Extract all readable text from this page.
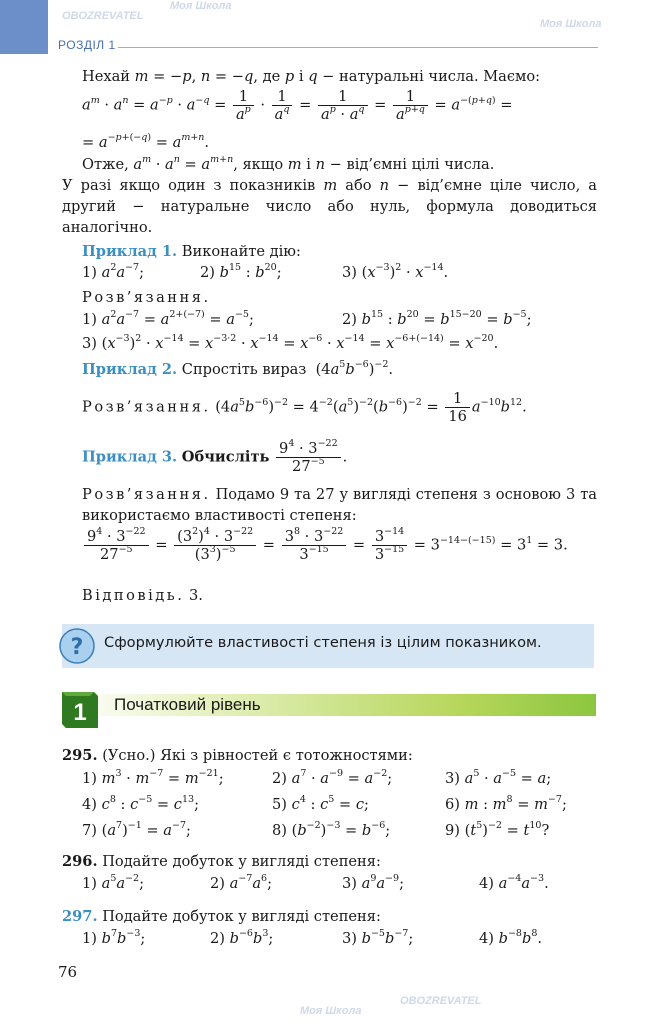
РОЗДІЛ 1

Нехай m = −p, n = −q, де p і q − натуральні числа. Маємо:

$a^m \cdot a^n = a^{-p} \cdot a^{-q} = \frac{1}{a^p} \cdot \frac{1}{a^q} = \frac{1}{a^p \cdot a^q} = \frac{1}{a^{p+q}} = a^{-(p+q)}$ =
= $a^{-p+(-q)} = a^{m+n}$.

Отже, $a^m \cdot a^n = a^{m+n}$, якщо m і n − від’ємні цілі числа.

У разі якщо один з показників m або n − від’ємне ціле число, а другий − натуральне число або нуль, формула доводиться аналогічно.

Приклад 1. Виконайте дію:
1) $a^2a^{-7}$;	2) $b^{15}$ : $b^{20}$;	3) $(x^{-3})^2 \cdot x^{-14}$.
Розв’язання.
1) $a^2a^{-7} = a^{2+(-7)} = a^{-5}$;	2) $b^{15}$ : $b^{20} = b^{15-20} = b^{-5}$;
3) $(x^{-3})^2 \cdot x^{-14} = x^{-3\cdot 2} \cdot x^{-14} = x^{-6} \cdot x^{-14} = x^{-6+(-14)} = x^{-20}$.
Приклад 2. Спростіть вираз  $(4a^5b^{-6})^{-2}$.
Розв’язання. $(4a^5b^{-6})^{-2} = 4^{-2}(a^5)^{-2}(b^{-6})^{-2} = \frac{1}{16} a^{-10}b^{12}$.
Приклад 3. Обчисліть $\frac{9^4 \cdot 3^{-22}}{27^{-5}}$ .

Розв’язання. Подамо 9 та 27 у вигляді степеня з основою 3 та використаємо властивості степеня:

$\frac{9^4 \cdot 3^{-22}}{27^{-5}} = \frac{(3^2)^4 \cdot 3^{-22}}{(3^3)^{-5}} = \frac{3^8 \cdot 3^{-22}}{3^{-15}} = \frac{3^{-14}}{3^{-15}} = 3^{-14-(-15)} = 3^1 = 3$.
Відповідь. 3.
? Сформулюйте властивості степеня із цілим показником.
1 Початковий рівень
295. (Усно.) Які з рівностей є тотожностями:
1) $m^3 \cdot m^{-7} = m^{-21}$;	2) $a^7 \cdot a^{-9} = a^{-2}$;	3) $a^5 \cdot a^{-5} = a$;
4) $c^8$ : $c^{-5} = c^{13}$;	5) $c^4$ : $c^5 = c$;	6) m : $m^8 = m^{-7}$;
7) $(a^7)^{-1} = a^{-7}$;	8) $(b^{-2})^{-3} = b^{-6}$;	9) $(t^5)^{-2} = t^{10}$?
296. Подайте добуток у вигляді степеня:
1) $a^5a^{-2}$;	2) $a^{-7}a^6$;	3) $a^9a^{-9}$;	4) $a^{-4}a^{-3}$.
297. Подайте добуток у вигляді степеня:
1) $b^7b^{-3}$;	2) $b^{-6}b^3$;	3) $b^{-5}b^{-7}$;	4) $b^{-8}b^8$.
76
OBOZREVATEL
Моя Школа
Моя Школа
OBOZREVATEL
Моя Школа
